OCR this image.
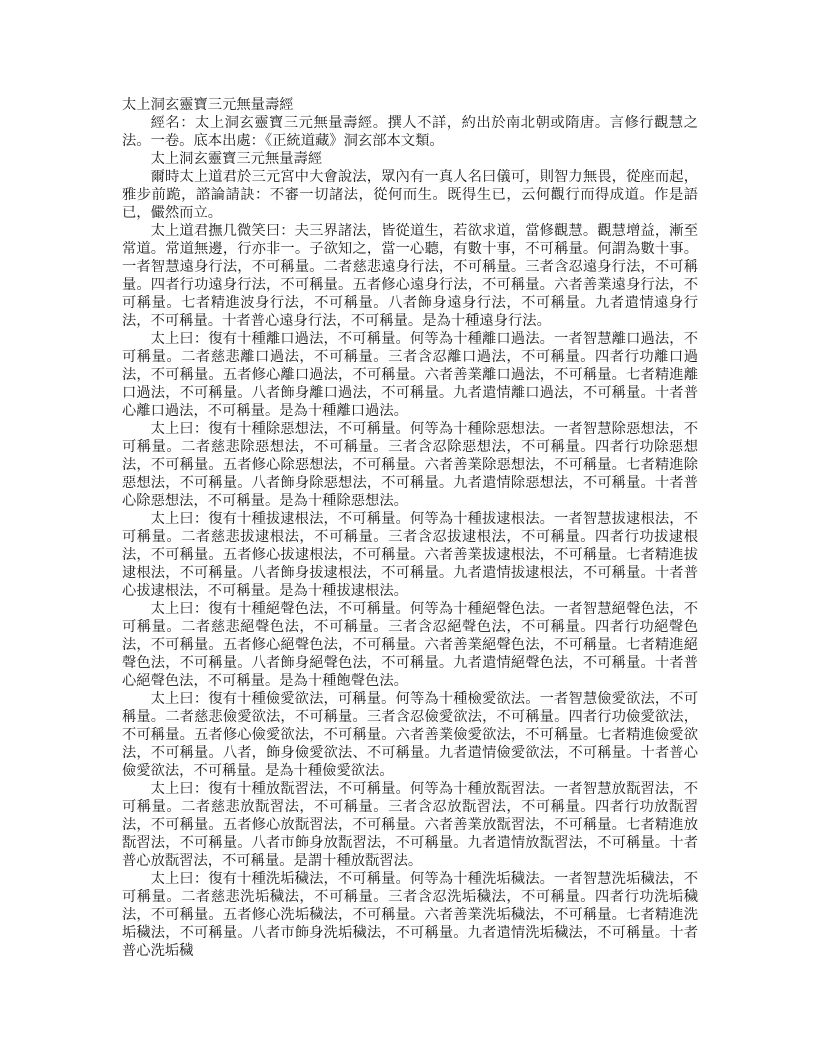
太上洞玄靈寶三元無量壽經

經名：太上洞玄靈寶三元無量壽經。撰人不詳，約出於南北朝或隋唐。言修行觀慧之法。一卷。底本出處：《正統道藏》洞玄部本文類。

太上洞玄靈寶三元無量壽經

爾時太上道君於三元宮中大會說法，眾內有一真人名曰儀可，則智力無畏，從座而起，雅步前跪，諮論請訣：不審一切諸法，從何而生。既得生已，云何觀行而得成道。作是語已，儼然而立。

太上道君撫几微笑曰：夫三界諸法，皆從道生，若欲求道，當修觀慧。觀慧增益，漸至常道。常道無邊，行亦非一。子欲知之，當一心聽，有數十事，不可稱量。何謂為數十事。一者智慧遠身行法，不可稱量。二者慈悲遠身行法，不可稱量。三者含忍遠身行法，不可稱量。四者行功遠身行法，不可稱量。五者修心遠身行法，不可稱量。六者善業遠身行法，不可稱量。七者精進波身行法，不可稱量。八者飾身遠身行法，不可稱量。九者遣情遠身行法，不可稱量。十者普心遠身行法，不可稱量。是為十種遠身行法。

太上曰：復有十種離口過法，不可稱量。何等為十種離口過法。一者智慧離口過法，不可稱量。二者慈悲離口過法，不可稱量。三者含忍離口過法，不可稱量。四者行功離口過法，不可稱量。五者修心離口過法，不可稱量。六者善業離口過法，不可稱量。七者精進離口過法，不可稱量。八者飾身離口過法，不可稱量。九者遣情離口過法，不可稱量。十者普心離口過法，不可稱量。是為十種離口過法。

太上曰：復有十種除惡想法，不可稱量。何等為十種除惡想法。一者智慧除惡想法，不可稱量。二者慈悲除惡想法，不可稱量。三者含忍除惡想法，不可稱量。四者行功除惡想法，不可稱量。五者修心除惡想法，不可稱量。六者善業除惡想法，不可稱量。七者精進除惡想法，不可稱量。八者飾身除惡想法，不可稱量。九者遣情除惡想法，不可稱量。十者普心除惡想法，不可稱量。是為十種除惡想法。

太上曰：復有十種拔逮根法，不可稱量。何等為十種拔逮根法。一者智慧拔逮根法，不可稱量。二者慈悲拔逮根法，不可稱量。三者含忍拔逮根法，不可稱量。四者行功拔逮根法，不可稱量。五者修心拔逮根法，不可稱量。六者善業拔逮根法，不可稱量。七者精進拔逮根法，不可稱量。八者飾身拔逮根法，不可稱量。九者遣情拔逮根法，不可稱量。十者普心拔逮根法，不可稱量。是為十種拔逮根法。

太上曰：復有十種絕聲色法，不可稱量。何等為十種絕聲色法。一者智慧絕聲色法，不可稱量。二者慈悲絕聲色法，不可稱量。三者含忍絕聲色法，不可稱量。四者行功絕聲色法，不可稱量。五者修心絕聲色法，不可稱量。六者善業絕聲色法，不可稱量。七者精進絕聲色法，不可稱量。八者飾身絕聲色法，不可稱量。九者遣情絕聲色法，不可稱量。十者普心絕聲色法，不可稱量。是為十種飽聲色法。

太上曰：復有十種儉愛欲法，可稱量。何等為十種檢愛欲法。一者智慧儉愛欲法，不可稱量。二者慈悲儉愛欲法，不可稱量。三者含忍儉愛欲法，不可稱量。四者行功儉愛欲法，不可稱量。五者修心儉愛欲法，不可稱量。六者善業儉愛欲法，不可稱量。七者精進儉愛欲法，不可稱量。八者，飾身儉愛欲法、不可稱量。九者遣情儉愛欲法，不可稱量。十者普心儉愛欲法，不可稱量。是為十種儉愛欲法。

太上曰：復有十種放翫習法，不可稱量。何等為十種放翫習法。一者智慧放翫習法，不可稱量。二者慈悲放翫習法，不可稱量。三者含忍放翫習法，不可稱量。四者行功放翫習法，不可稱量。五者修心放翫習法，不可稱量。六者善業放翫習法，不可稱量。七者精進放翫習法，不可稱量。八者市飾身放翫習法，不可稱量。九者遣情放翫習法，不可稱量。十者普心放翫習法，不可稱量。是謂十種放翫習法。

太上曰：復有十種洗垢穢法，不可稱量。何等為十種洗垢穢法。一者智慧洗垢穢法，不可稱量。二者慈悲洗垢穢法，不可稱量。三者含忍洗垢穢法，不可稱量。四者行功洗垢穢法，不可稱量。五者修心洗垢穢法，不可稱量。六者善業洗垢穢法，不可稱量。七者精進洗垢穢法，不可稱量。八者市飾身洗垢穢法，不可稱量。九者遣情洗垢穢法，不可稱量。十者普心洗垢穢
